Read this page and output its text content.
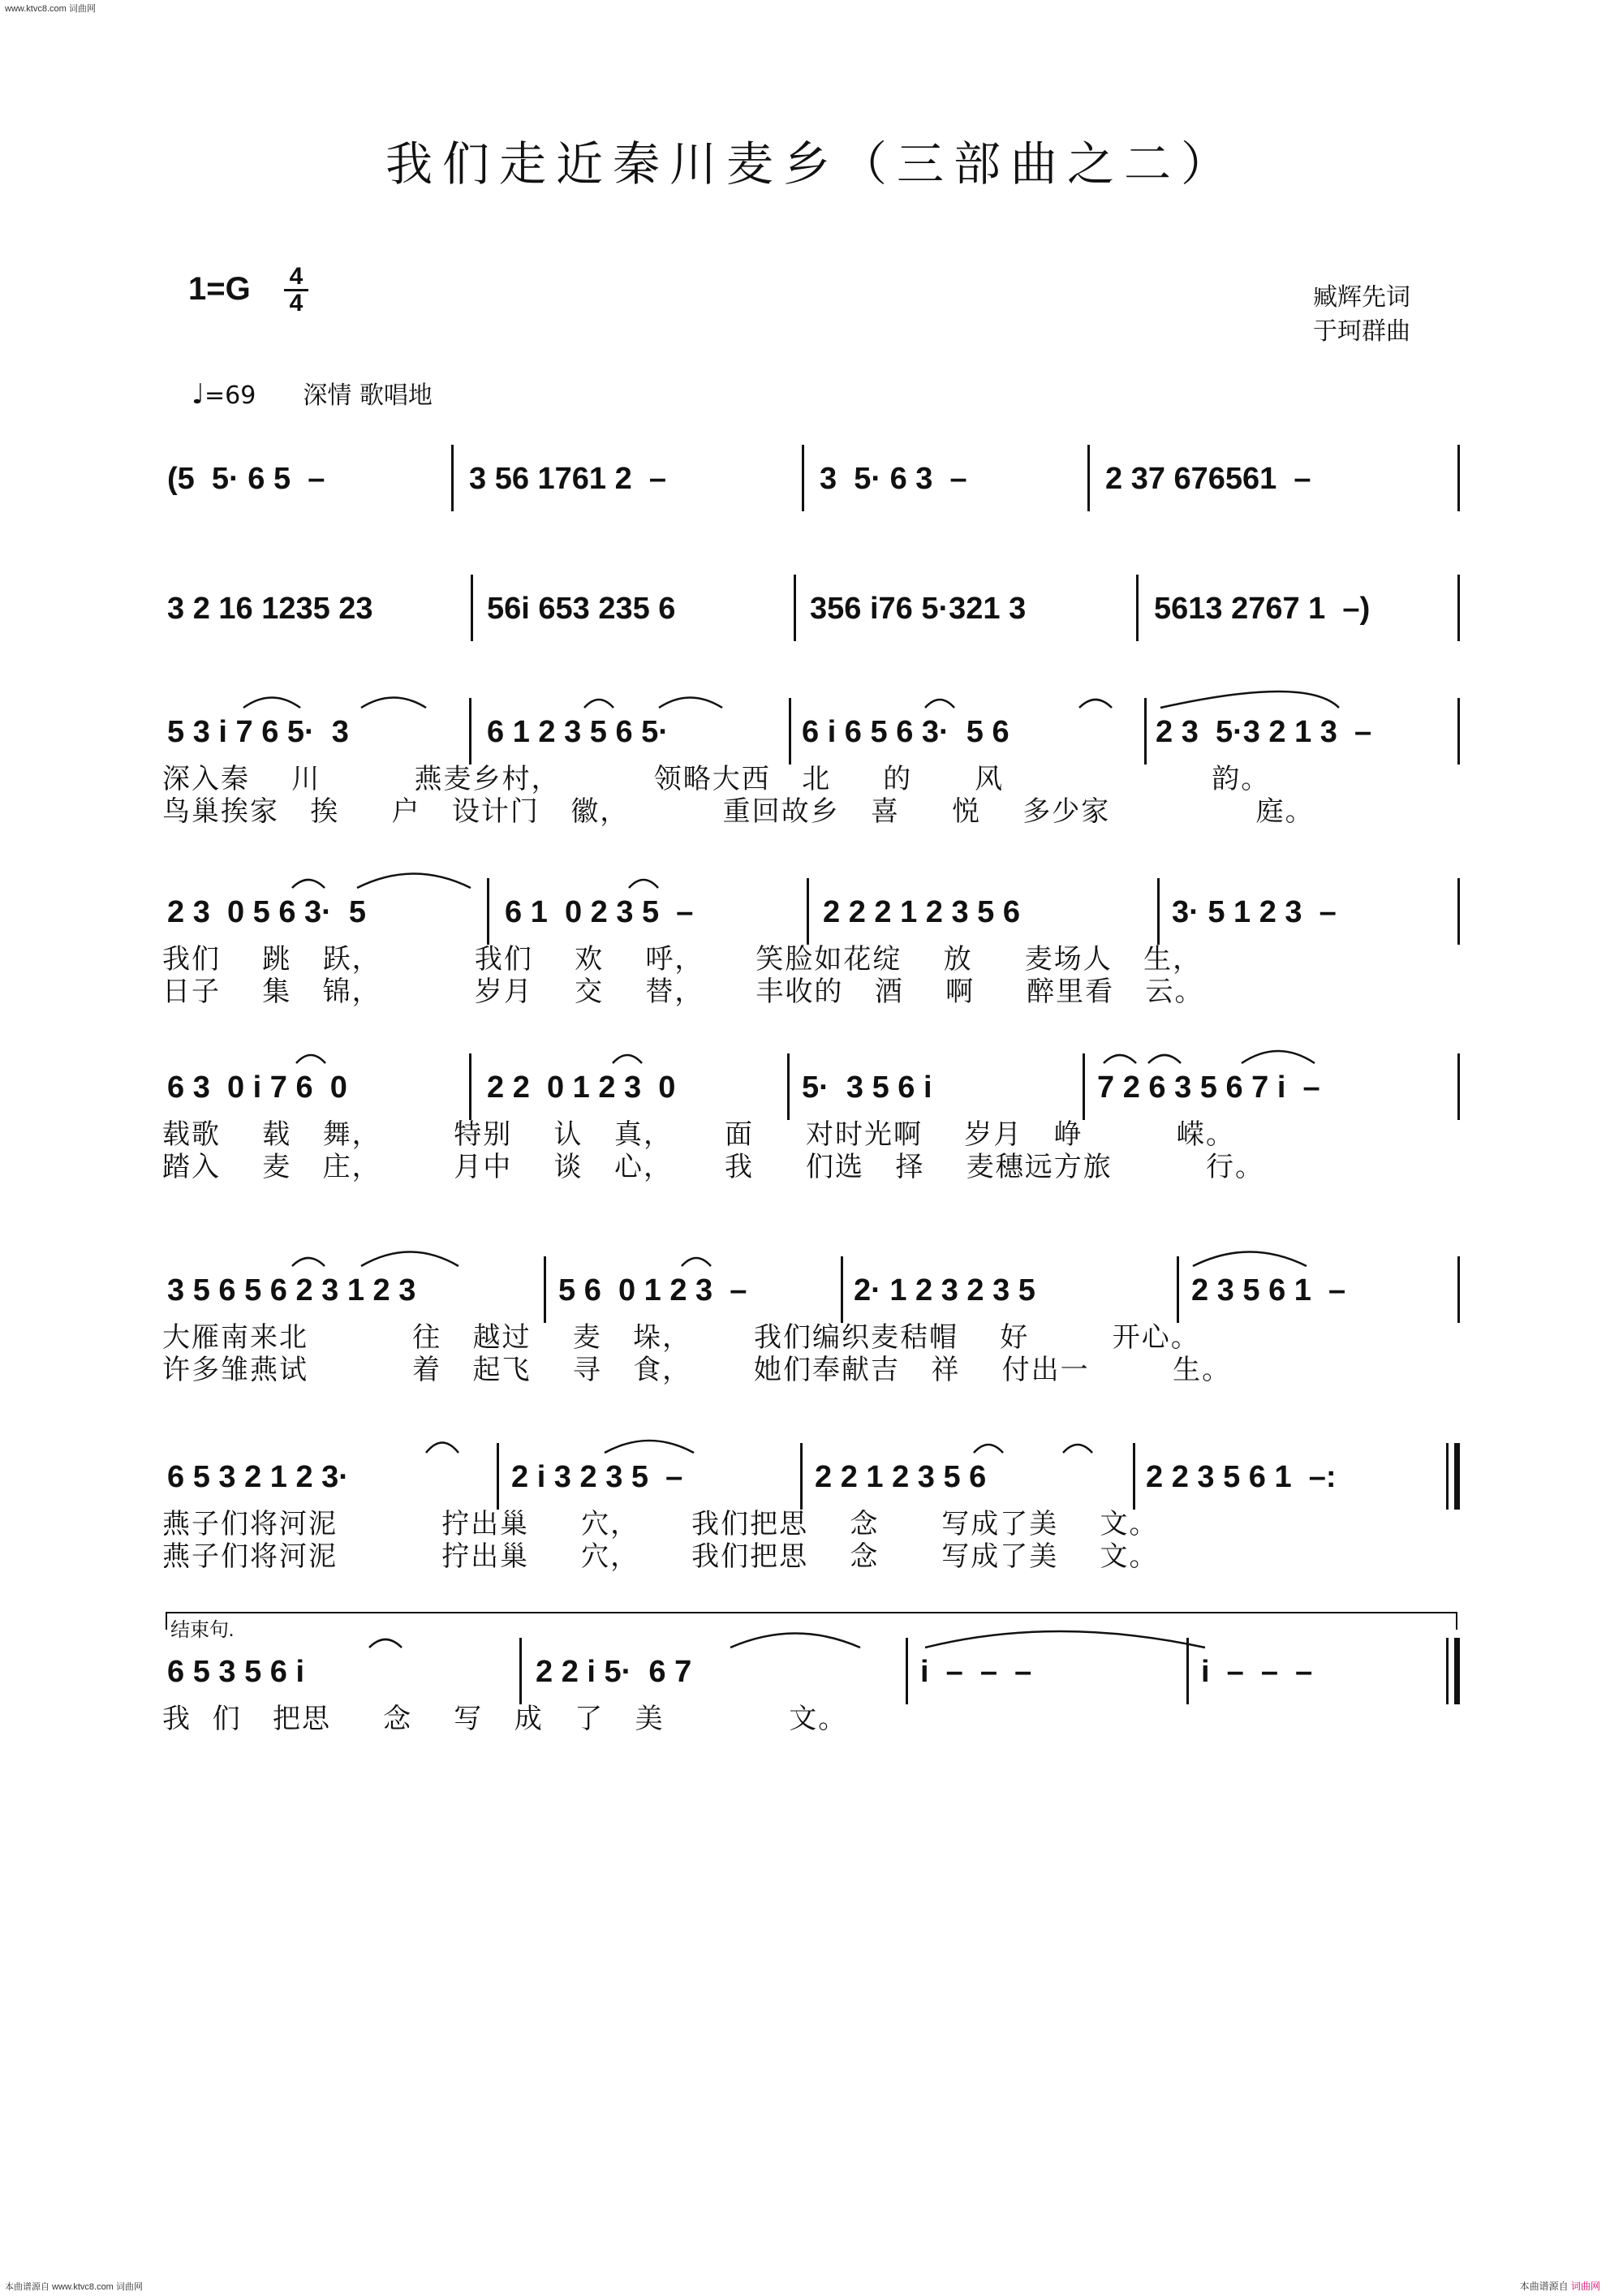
www.ktvc8.com 词曲网
我们走近秦川麦乡（三部曲之二）
1=G 4
4	臧辉先词
于珂群曲
♩=69 深情 歌唱地

(5  5· 6 5  –

	3 56 1761 2  –

	3  5· 6 3  –

	2 37 676561  –

3 2 16 1235 23

	56i 653 235 6

	356 i76 5·321 3

	5613 2767 1  –)

5 3 i 7 6 5·  3

	6 1 2 3 5 6 5·

	6 i 6 5 6 3·  5 6

	2 3  5·3 2 1 3  –

深入秦    川         燕麦乡村，         领略大西   北     的      风                    韵。
鸟巢挨家   挨     户   设计门   徽，         重回故乡   喜     悦    多少家              庭。

2 3  0 5 6 3·  5

	6 1  0 2 3 5  –

	2 2 2 1 2 3 5 6

	3· 5 1 2 3  –

我们    跳   跃，         我们    欢    呼，     笑脸如花绽    放     麦场人   生，
日子    集   锦，         岁月    交    替，     丰收的   酒    啊     醉里看   云。

6 3  0 i 7 6  0

	2 2  0 1 2 3  0

	5·  3 5 6 i

	7 2 6 3 5 6 7 i  –

载歌    载   舞，       特别    认   真，     面     对时光啊    岁月   峥         嵘。
踏入    麦   庄，       月中    谈   心，     我     们选   择    麦穗远方旅         行。

3 5 6 5 6 2 3 1 2 3

	5 6  0 1 2 3  –

	2· 1 2 3 2 3 5

	2 3 5 6 1  –

大雁南来北          往   越过    麦   垛，      我们编织麦秸帽    好        开心。
许多雏燕试          着   起飞    寻   食，      她们奉献吉   祥    付出一        生。

6 5 3 2 1 2 3·

	2 i 3 2 3 5  –

	2 2 1 2 3 5 6

	2 2 3 5 6 1  –:

燕子们将河泥          拧出巢     穴，     我们把思    念      写成了美    文。
燕子们将河泥          拧出巢     穴，     我们把思    念      写成了美    文。
结束句.

6 5 3 5 6 i

	2 2 i 5·  6 7

	i  –  –  –

	i  –  –  –

我  们   把思     念    写   成   了   美            文。
本曲谱源自 www.ktvc8.com 词曲网	本曲谱源自 词曲网
